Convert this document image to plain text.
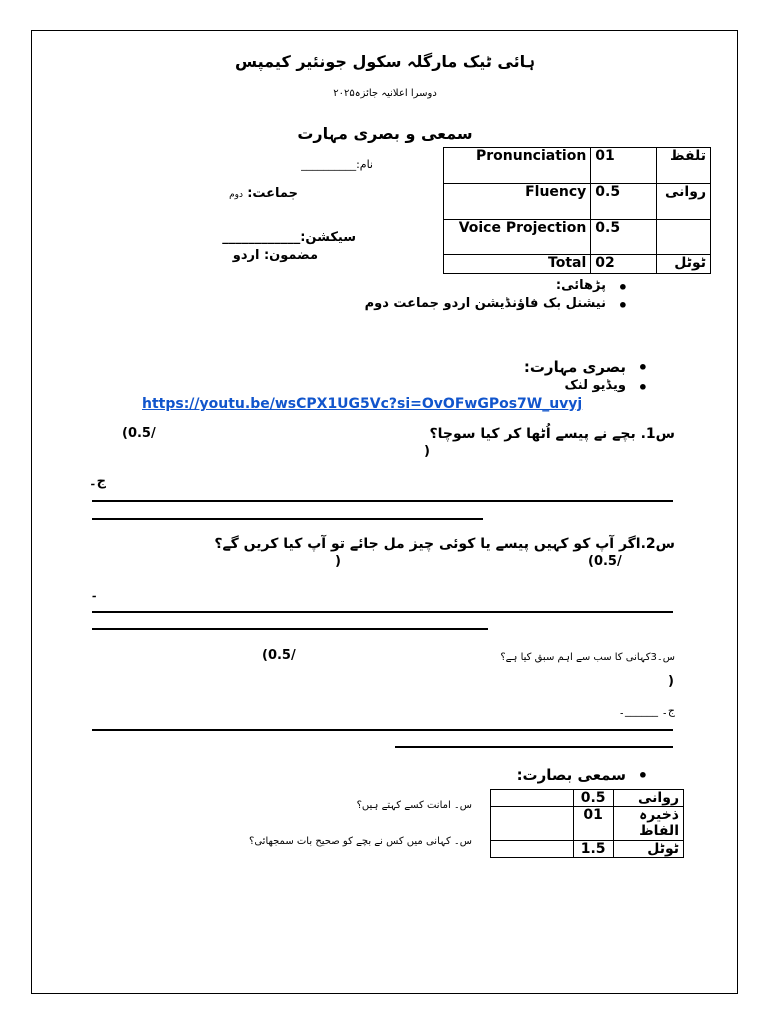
ہائی ٹیک مارگلہ سکول جونئیر کیمپس
دوسرا اعلانیہ جائزہ۲۰۲۵
سمعی و بصری مہارت
نام:__________
جماعت: دوم
سیکشن:____________
مضمون: اردو
Pronunciation	01	تلفظ
Fluency	0.5	روانی
Voice Projection	0.5	
Total	02	ٹوٹل
• پڑھائی:
• نیشنل بک فاؤنڈیشن اردو جماعت دوم
• بصری مہارت:
• ویڈیو لنک
https://youtu.be/wsCPX1UG5Vc?si=OvOFwGPos7W_uvyj
س1. بچے نے پیسے اُٹھا کر کیا سوچا؟
(0.5/
)
ج۔
س2.اگر آپ کو کہیں پیسے یا کوئی چیز مل جائے تو آپ کیا کریں گے؟
(0.5/
)
۔
س۔3کہانی کا سب سے اہم سبق کیا ہے؟
(0.5/
)
ج۔ ______۔
• سمعی بصارت:
س۔ امانت کسے کہتے ہیں؟
س۔ کہانی میں کس نے بچے کو صحیح بات سمجھائی؟
	0.5	روانی
	01	ذخیرہ الفاظ
	1.5	ٹوٹل
